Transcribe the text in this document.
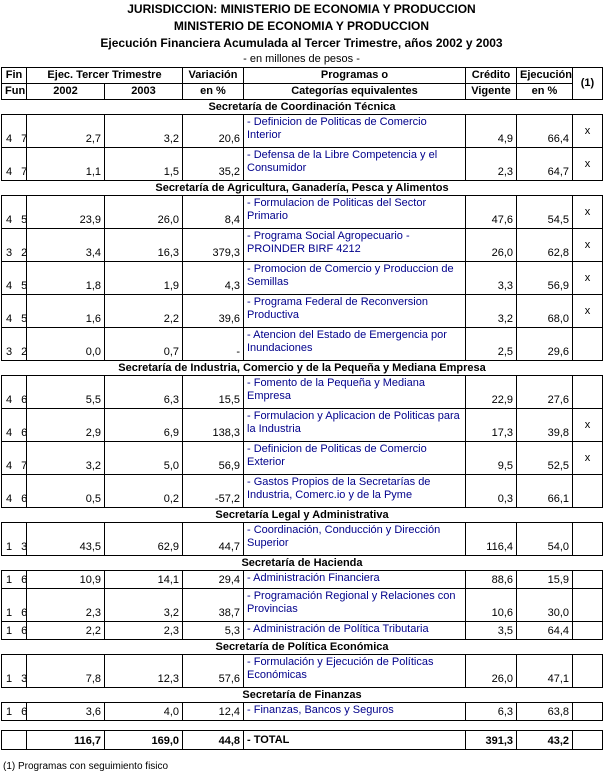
JURISDICCION: MINISTERIO DE ECONOMIA Y PRODUCCION
MINISTERIO DE ECONOMIA Y PRODUCCION
Ejecución Financiera Acumulada al Tercer Trimestre, años 2002 y 2003
- en millones de pesos -
Fin	Ejec. Tercer Trimestre		Variación	Programas o	Crédito	Ejecución	(1)
Fun	2002	2003	en %	Categorías equivalentes	Vigente	en %	
Secretaría de Coordinación Técnica							
4 7	2,7	3,2	20,6	- Definicion de Politicas de Comercio Interior	4,9	66,4	x
4 7	1,1	1,5	35,2	- Defensa de la Libre Competencia y el Consumidor	2,3	64,7	x
Secretaría de Agricultura, Ganadería, Pesca y Alimentos							
4 5	23,9	26,0	8,4	- Formulacion de Politicas del Sector Primario	47,6	54,5	x
3 2	3,4	16,3	379,3	- Programa Social Agropecuario - PROINDER BIRF 4212	26,0	62,8	x
4 5	1,8	1,9	4,3	- Promocion de Comercio y Produccion de Semillas	3,3	56,9	x
4 5	1,6	2,2	39,6	- Programa Federal de Reconversion Productiva	3,2	68,0	x
3 2	0,0	0,7	-	- Atencion del Estado de Emergencia por Inundaciones	2,5	29,6	
Secretaría de Industria, Comercio y de la Pequeña y Mediana Empresa							
4 6	5,5	6,3	15,5	- Fomento de la Pequeña y Mediana Empresa	22,9	27,6	
4 6	2,9	6,9	138,3	- Formulacion y Aplicacion de Politicas para la Industria	17,3	39,8	x
4 7	3,2	5,0	56,9	- Definicion de Politicas de Comercio Exterior	9,5	52,5	x
4 6	0,5	0,2	-57,2	- Gastos Propios de la Secretarías de Industria, Comerc.io y de la Pyme	0,3	66,1	
Secretaría Legal y Administrativa							
1 3	43,5	62,9	44,7	- Coordinación, Conducción y Dirección Superior	116,4	54,0	
Secretaría de Hacienda							
1 6	10,9	14,1	29,4	- Administración Financiera	88,6	15,9	
1 6	2,3	3,2	38,7	- Programación Regional y Relaciones con Provincias	10,6	30,0	
1 6	2,2	2,3	5,3	- Administración de Política Tributaria	3,5	64,4	
Secretaría de Política Económica							
1 3	7,8	12,3	57,6	- Formulación y Ejecución de Políticas Económicas	26,0	47,1	
Secretaría de Finanzas							
1 6	3,6	4,0	12,4	- Finanzas, Bancos y Seguros	6,3	63,8	

	116,7	169,0	44,8	- TOTAL	391,3	43,2	
(1) Programas con seguimiento fisico
